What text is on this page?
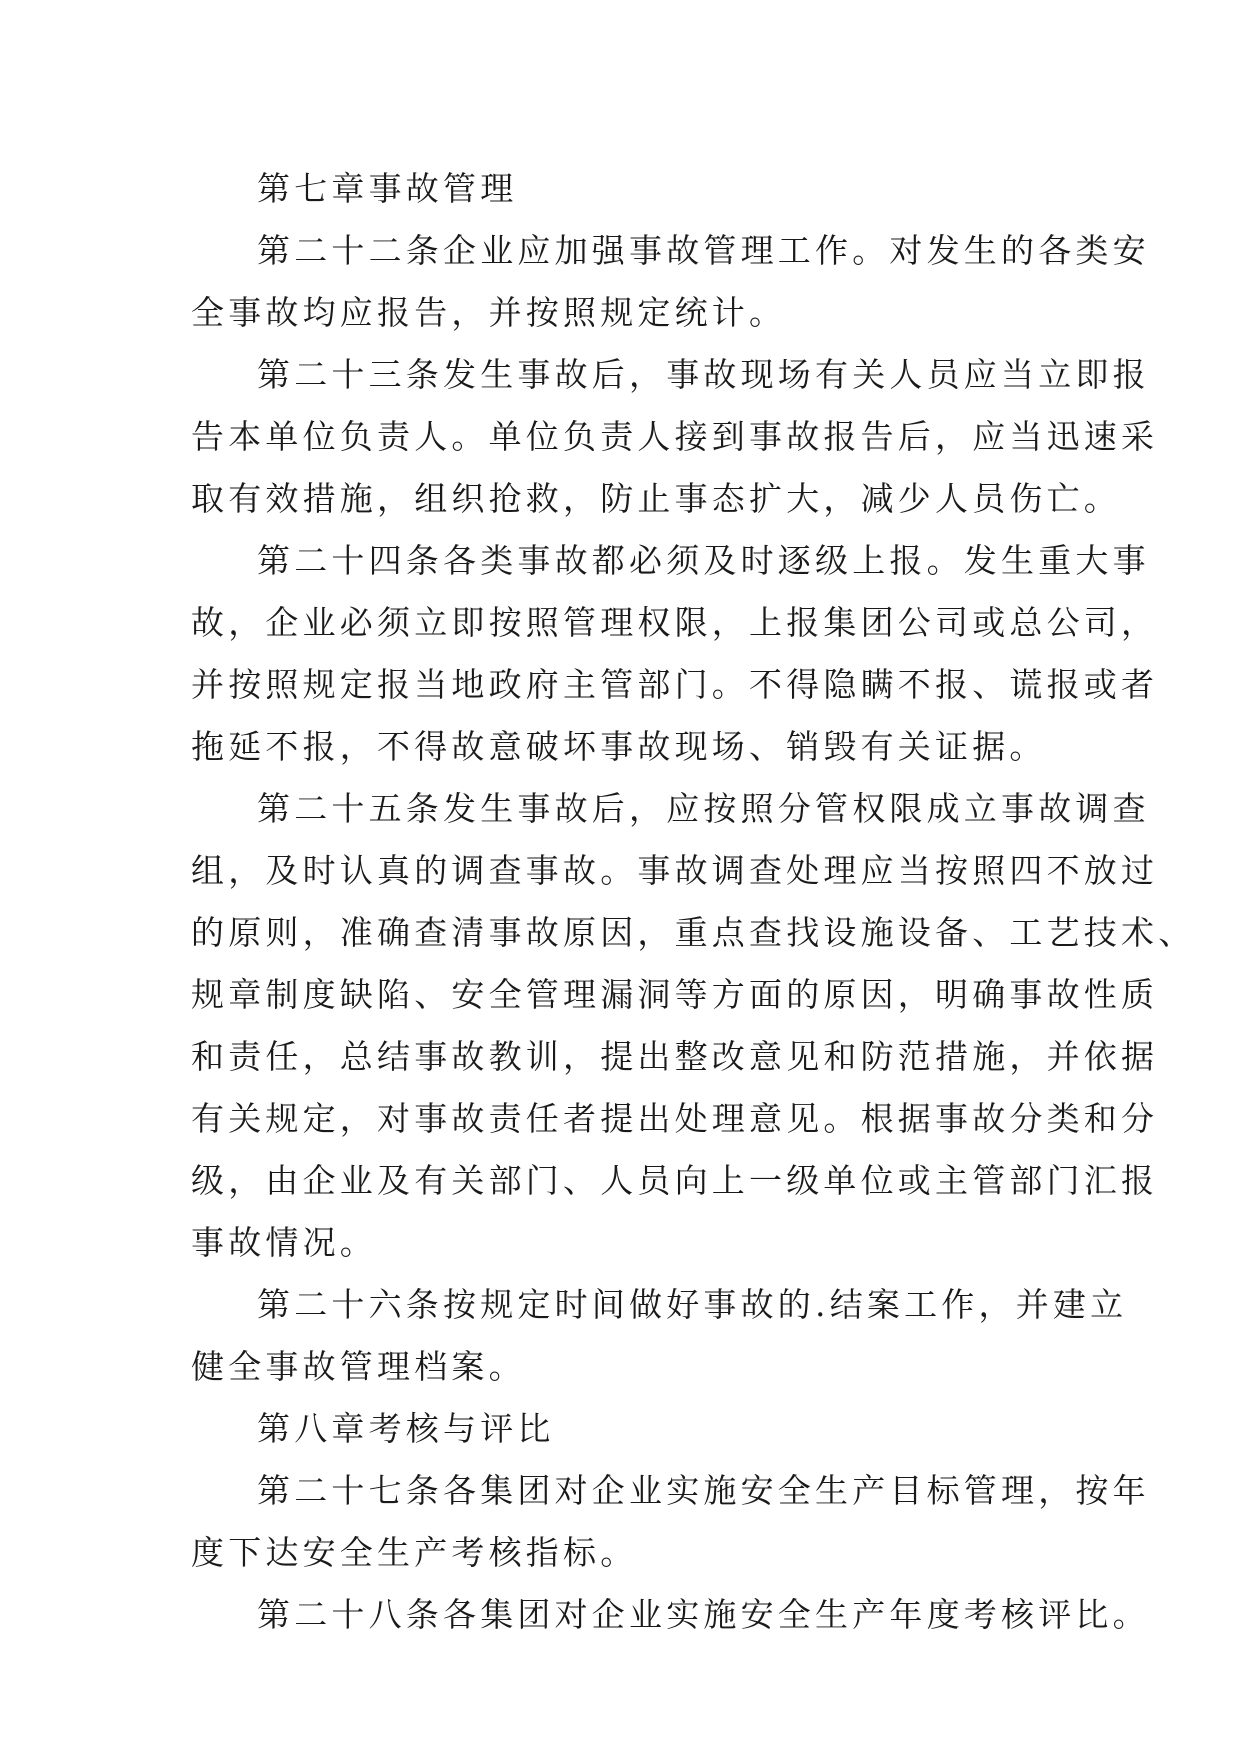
第七章事故管理
第二十二条企业应加强事故管理工作。对发生的各类安
全事故均应报告，并按照规定统计。
第二十三条发生事故后，事故现场有关人员应当立即报
告本单位负责人。单位负责人接到事故报告后，应当迅速采
取有效措施，组织抢救，防止事态扩大，减少人员伤亡。
第二十四条各类事故都必须及时逐级上报。发生重大事
故，企业必须立即按照管理权限，上报集团公司或总公司，
并按照规定报当地政府主管部门。不得隐瞒不报、谎报或者
拖延不报，不得故意破坏事故现场、销毁有关证据。
第二十五条发生事故后，应按照分管权限成立事故调查
组，及时认真的调查事故。事故调查处理应当按照四不放过
的原则，准确查清事故原因，重点查找设施设备、工艺技术、
规章制度缺陷、安全管理漏洞等方面的原因，明确事故性质
和责任，总结事故教训，提出整改意见和防范措施，并依据
有关规定，对事故责任者提出处理意见。根据事故分类和分
级，由企业及有关部门、人员向上一级单位或主管部门汇报
事故情况。
第二十六条按规定时间做好事故的.结案工作，并建立
健全事故管理档案。
第八章考核与评比
第二十七条各集团对企业实施安全生产目标管理，按年
度下达安全生产考核指标。
第二十八条各集团对企业实施安全生产年度考核评比。
